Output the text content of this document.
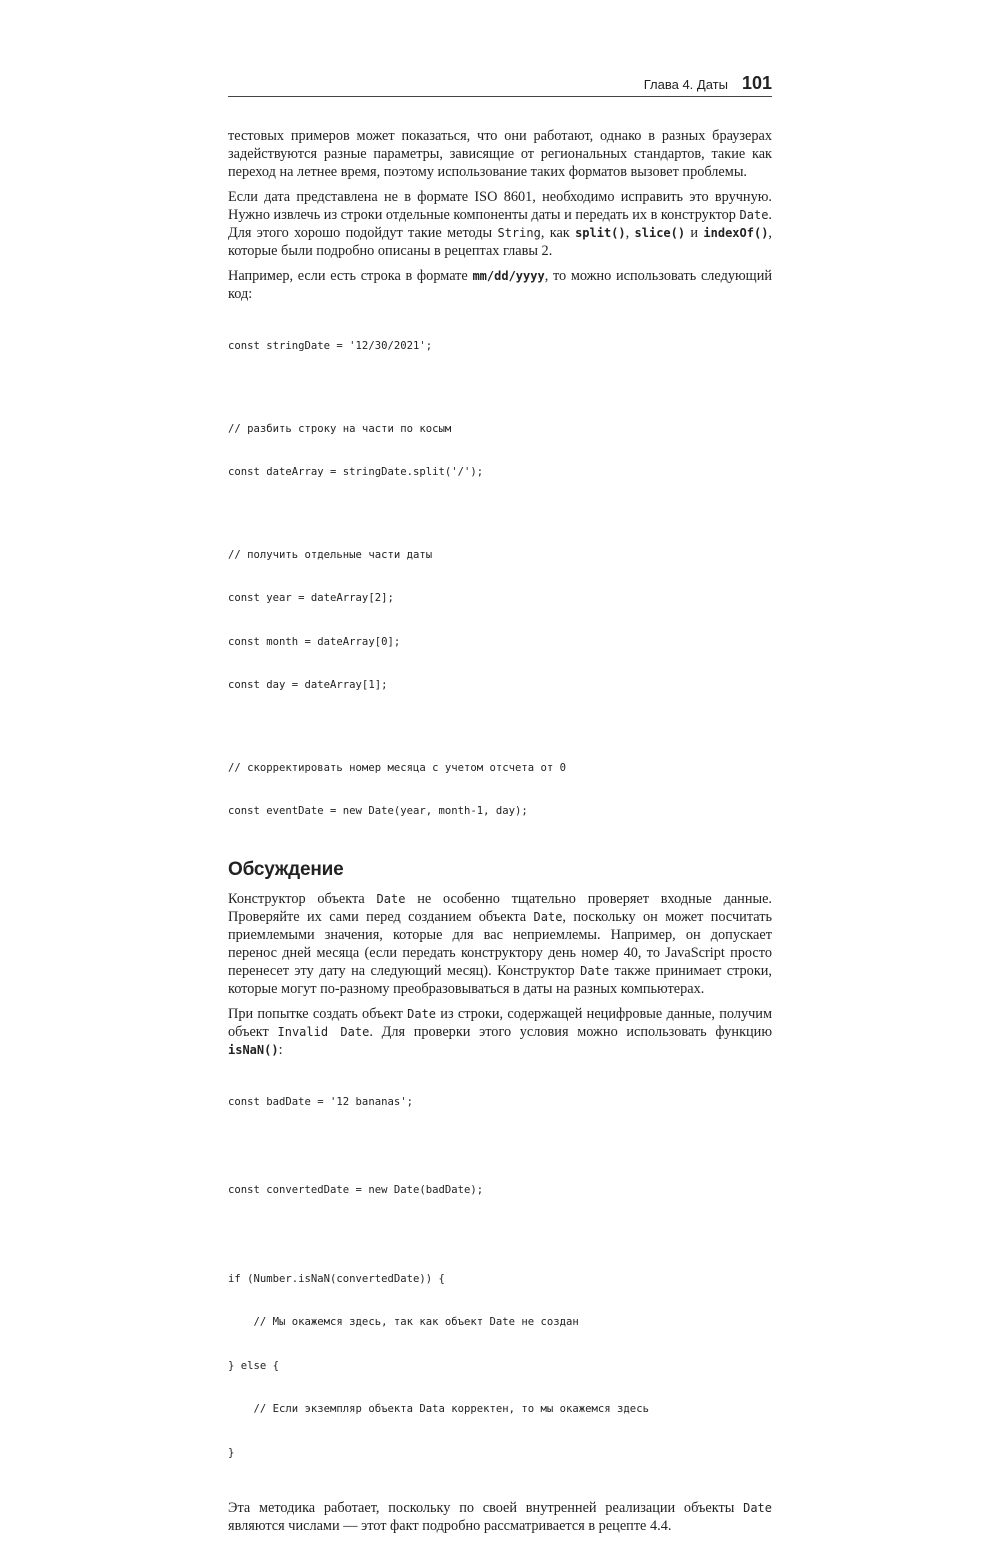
Глава 4. Даты 101

тестовых примеров может показаться, что они работают, однако в разных браузерах задействуются разные параметры, зависящие от региональных стандартов, такие как переход на летнее время, поэтому использование таких форматов вызовет проблемы.

Если дата представлена не в формате ISO 8601, необходимо исправить это вручную. Нужно извлечь из строки отдельные компоненты даты и передать их в конструктор Date. Для этого хорошо подойдут такие методы String, как split(), slice() и indexOf(), которые были подробно описаны в рецептах главы 2.

Например, если есть строка в формате mm/dd/yyyy, то можно использовать следующий код:

const stringDate = '12/30/2021';

// разбить строку на части по косым

const dateArray = stringDate.split('/');

// получить отдельные части даты

const year = dateArray[2];

const month = dateArray[0];

const day = dateArray[1];

// скорректировать номер месяца с учетом отсчета от 0

const eventDate = new Date(year, month-1, day);

Обсуждение

Конструктор объекта Date не особенно тщательно проверяет входные данные. Проверяйте их сами перед созданием объекта Date, поскольку он может посчитать приемлемыми значения, которые для вас неприемлемы. Например, он допускает перенос дней месяца (если передать конструктору день номер 40, то JavaScript просто перенесет эту дату на следующий месяц). Конструктор Date также принимает строки, которые могут по-разному преобразовываться в даты на разных компьютерах.

При попытке создать объект Date из строки, содержащей нецифровые данные, получим объект Invalid Date. Для проверки этого условия можно использовать функцию isNaN():

const badDate = '12 bananas';

const convertedDate = new Date(badDate);

if (Number.isNaN(convertedDate)) {

// Мы окажемся здесь, так как объект Date не создан

} else {

// Если экземпляр объекта Data корректен, то мы окажемся здесь

}

Эта методика работает, поскольку по своей внутренней реализации объекты Date являются числами — этот факт подробно рассматривается в рецепте 4.4.
